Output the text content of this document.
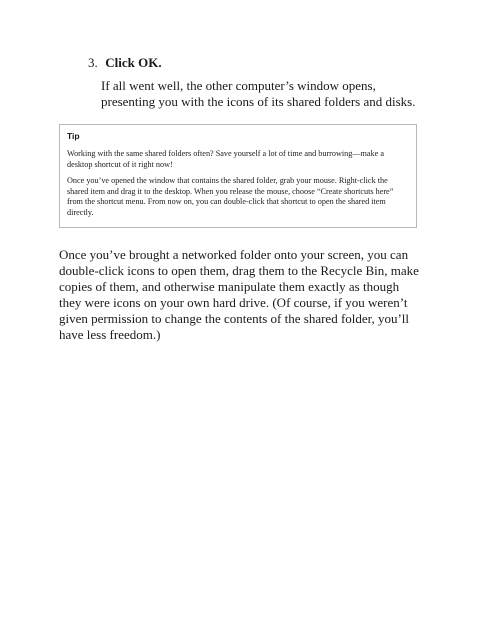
3. Click OK.
If all went well, the other computer’s window opens, presenting you with the icons of its shared folders and disks.
Tip

Working with the same shared folders often? Save yourself a lot of time and burrowing—make a desktop shortcut of it right now!

Once you’ve opened the window that contains the shared folder, grab your mouse. Right-click the shared item and drag it to the desktop. When you release the mouse, choose “Create shortcuts here” from the shortcut menu. From now on, you can double-click that shortcut to open the shared item directly.

Once you’ve brought a networked folder onto your screen, you can double-click icons to open them, drag them to the Recycle Bin, make copies of them, and otherwise manipulate them exactly as though they were icons on your own hard drive. (Of course, if you weren’t given permission to change the contents of the shared folder, you’ll have less freedom.)
